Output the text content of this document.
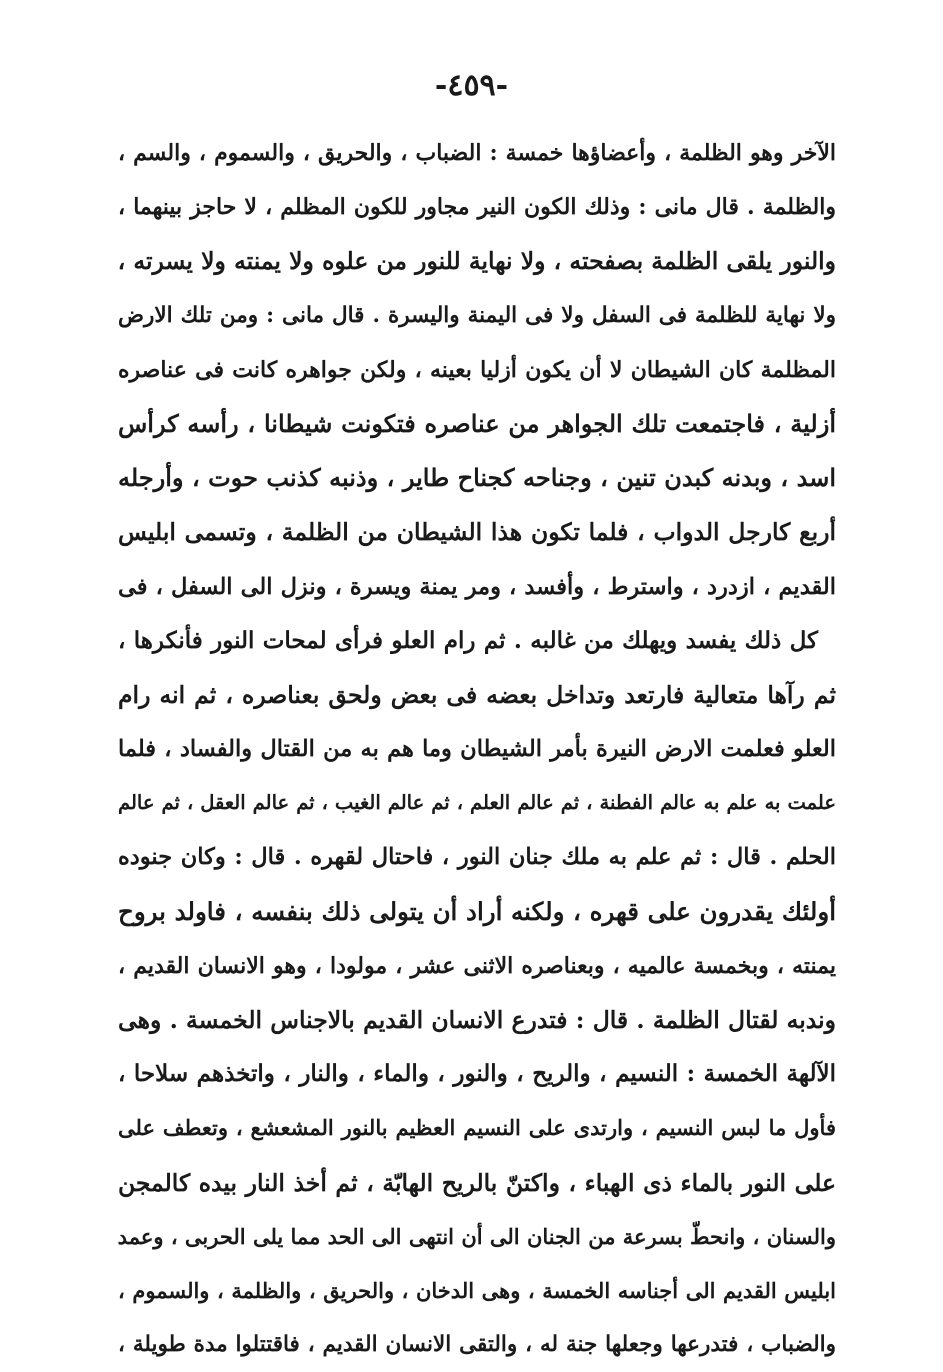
-٤٥٩-
الآخر وهو الظلمة ، وأعضاؤها خمسة : الضباب ، والحريق ، والسموم ، والسم ،
والظلمة . قال مانى : وذلك الكون النير مجاور للكون المظلم ، لا حاجز بينهما ،
والنور يلقى الظلمة بصفحته ، ولا نهاية للنور من علوه ولا يمنته ولا يسرته ،
ولا نهاية للظلمة فى السفل ولا فى اليمنة واليسرة . قال مانى : ومن تلك الارض
المظلمة كان الشيطان لا أن يكون أزليا بعينه ، ولكن جواهره كانت فى عناصره
أزلية ، فاجتمعت تلك الجواهر من عناصره فتكونت شيطانا ، رأسه كرأس
اسد ، وبدنه كبدن تنين ، وجناحه كجناح طاير ، وذنبه كذنب حوت ، وأرجله
أربع كارجل الدواب ، فلما تكون هذا الشيطان من الظلمة ، وتسمى ابليس
القديم ، ازدرد ، واسترط ، وأفسد ، ومر يمنة ويسرة ، ونزل الى السفل ، فى
كل ذلك يفسد ويهلك من غالبه . ثم رام العلو فرأى لمحات النور فأنكرها ،
ثم رآها متعالية فارتعد وتداخل بعضه فى بعض ولحق بعناصره ، ثم انه رام
العلو فعلمت الارض النيرة بأمر الشيطان وما هم به من القتال والفساد ، فلما
علمت به علم به عالم الفطنة ، ثم عالم العلم ، ثم عالم الغيب ، ثم عالم العقل ، ثم عالم
الحلم . قال : ثم علم به ملك جنان النور ، فاحتال لقهره . قال : وكان جنوده
أولئك يقدرون على قهره ، ولكنه أراد أن يتولى ذلك بنفسه ، فاولد بروح
يمنته ، وبخمسة عالميه ، وبعناصره الاثنى عشر ، مولودا ، وهو الانسان القديم ،
وندبه لقتال الظلمة . قال : فتدرع الانسان القديم بالاجناس الخمسة . وهى
الآلهة الخمسة : النسيم ، والريح ، والنور ، والماء ، والنار ، واتخذهم سلاحا ،
فأول ما لبس النسيم ، وارتدى على النسيم العظيم بالنور المشعشع ، وتعطف على
على النور بالماء ذى الهباء ، واكتنّ بالريح الهابّة ، ثم أخذ النار بيده كالمجن
والسنان ، وانحطّ بسرعة من الجنان الى أن انتهى الى الحد مما يلى الحربى ، وعمد
ابليس القديم الى أجناسه الخمسة ، وهى الدخان ، والحريق ، والظلمة ، والسموم ،
والضباب ، فتدرعها وجعلها جنة له ، والتقى الانسان القديم ، فاقتتلوا مدة طويلة ،
